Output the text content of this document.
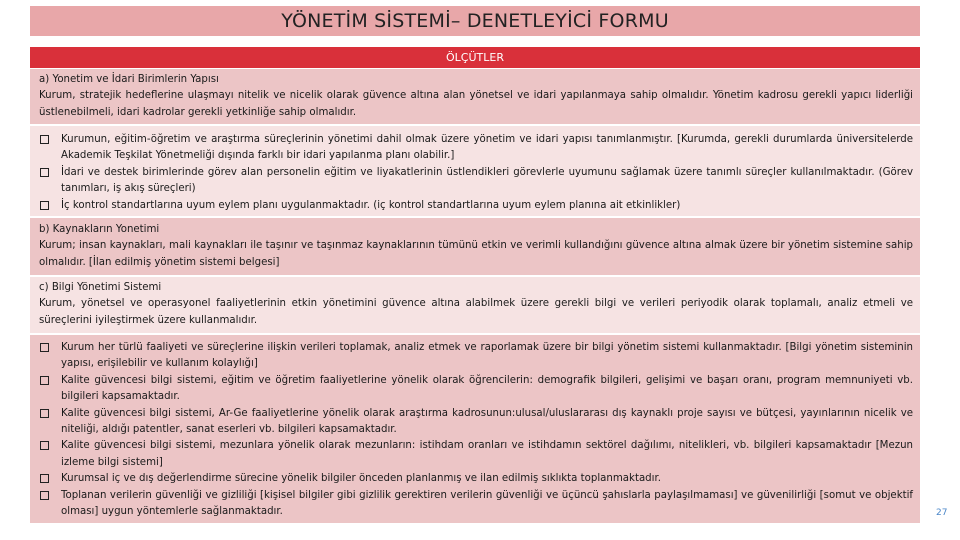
YÖNETİM SİSTEMİ– DENETLEYİCİ FORMU
ÖLÇÜTLER
a) Yonetim ve İdari Birimlerin Yapısı
Kurum, stratejik hedeflerine ulaşmayı nitelik ve nicelik olarak güvence altına alan yönetsel ve idari yapılanmaya sahip olmalıdır. Yönetim kadrosu gerekli yapıcı liderliği üstlenebilmeli, idari kadrolar gerekli yetkinliğe sahip olmalıdır.
Kurumun, eğitim-öğretim ve araştırma süreçlerinin yönetimi dahil olmak üzere yönetim ve idari yapısı tanımlanmıştır. [Kurumda, gerekli durumlarda üniversitelerde Akademik Teşkilat Yönetmeliği dışında farklı bir idari yapılanma planı olabilir.]
İdari ve destek birimlerinde görev alan personelin eğitim ve liyakatlerinin üstlendikleri görevlerle uyumunu sağlamak üzere tanımlı süreçler kullanılmaktadır. (Görev tanımları, iş akış süreçleri)
İç kontrol standartlarına uyum eylem planı uygulanmaktadır. (iç kontrol standartlarına uyum eylem planına ait etkinlikler)
b) Kaynakların Yonetimi
Kurum; insan kaynakları, mali kaynakları ile taşınır ve taşınmaz kaynaklarının tümünü etkin ve verimli kullandığını güvence altına almak üzere bir yönetim sistemine sahip olmalıdır. [İlan edilmiş yönetim sistemi belgesi]
c) Bilgi Yönetimi Sistemi
Kurum, yönetsel ve operasyonel faaliyetlerinin etkin yönetimini güvence altına alabilmek üzere gerekli bilgi ve verileri periyodik olarak toplamalı, analiz etmeli ve süreçlerini iyileştirmek üzere kullanmalıdır.
Kurum her türlü faaliyeti ve süreçlerine ilişkin verileri toplamak, analiz etmek ve raporlamak üzere bir bilgi yönetim sistemi kullanmaktadır. [Bilgi yönetim sisteminin yapısı, erişilebilir ve kullanım kolaylığı]
Kalite güvencesi bilgi sistemi, eğitim ve öğretim faaliyetlerine yönelik olarak öğrencilerin: demografik bilgileri, gelişimi ve başarı oranı, program memnuniyeti vb. bilgileri kapsamaktadır.
Kalite güvencesi bilgi sistemi, Ar-Ge faaliyetlerine yönelik olarak araştırma kadrosunun:ulusal/uluslararası dış kaynaklı proje sayısı ve bütçesi, yayınlarının nicelik ve niteliği, aldığı patentler, sanat eserleri vb. bilgileri kapsamaktadır.
Kalite güvencesi bilgi sistemi, mezunlara yönelik olarak mezunların: istihdam oranları ve istihdamın sektörel dağılımı, nitelikleri, vb. bilgileri kapsamaktadır [Mezun izleme bilgi sistemi]
Kurumsal iç ve dış değerlendirme sürecine yönelik bilgiler önceden planlanmış ve ilan edilmiş sıklıkta toplanmaktadır.
Toplanan verilerin güvenliği ve gizliliği [kişisel bilgiler gibi gizlilik gerektiren verilerin güvenliği ve üçüncü şahıslarla paylaşılmaması] ve güvenilirliği [somut ve objektif olması] uygun yöntemlerle sağlanmaktadır.	27
